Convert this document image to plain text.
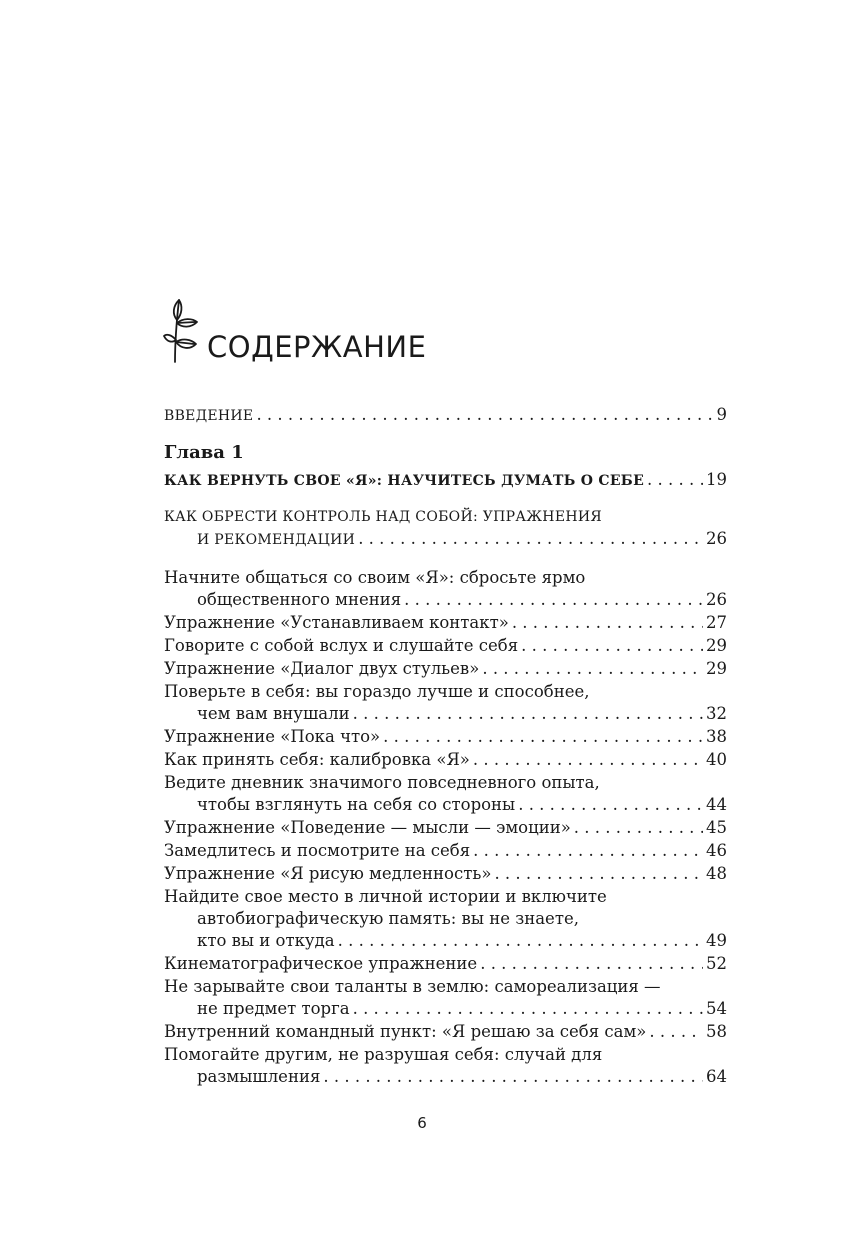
СОДЕРЖАНИЕ
ВВЕДЕНИЕ . . .	9
Глава 1
КАК ВЕРНУТЬ СВОЕ «Я»: НАУЧИТЕСЬ ДУМАТЬ О СЕБЕ . . .	19
КАК ОБРЕСТИ КОНТРОЛЬ НАД СОБОЙ: УПРАЖНЕНИЯ
И РЕКОМЕНДАЦИИ . . .	26
Начните общаться со своим «Я»: сбросьте ярмо
общественного мнения . . .	26
Упражнение «Устанавливаем контакт» . . .	27
Говорите с собой вслух и слушайте себя . . .	29
Упражнение «Диалог двух стульев» . . .	29
Поверьте в себя: вы гораздо лучше и способнее,
чем вам внушали . . .	32
Упражнение «Пока что» . . .	38
Как принять себя: калибровка «Я» . . .	40
Ведите дневник значимого повседневного опыта,
чтобы взглянуть на себя со стороны . . .	44
Упражнение «Поведение — мысли — эмоции» . . .	45
Замедлитесь и посмотрите на себя . . .	46
Упражнение «Я рисую медленность» . . .	48
Найдите свое место в личной истории и включите
автобиографическую память: вы не знаете,
кто вы и откуда . . .	49
Кинематографическое упражнение . . .	52
Не зарывайте свои таланты в землю: самореализация —
не предмет торга . . .	54
Внутренний командный пункт: «Я решаю за себя сам» . . .	58
Помогайте другим, не разрушая себя: случай для
размышления . . .	64
6
